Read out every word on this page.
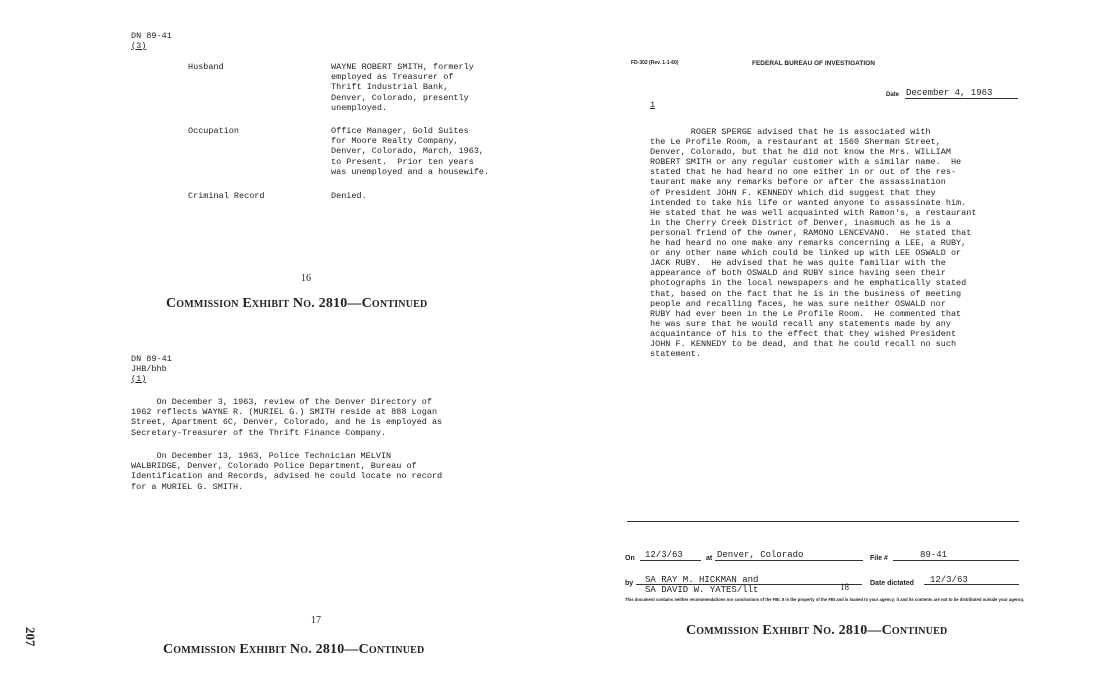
207
DN 89-41
(3)
Husband	WAYNE ROBERT SMITH, formerly
employed as Treasurer of
Thrift Industrial Bank,
Denver, Colorado, presently
unemployed.
Occupation	Office Manager, Gold Suites
for Moore Realty Company,
Denver, Colorado, March, 1963,
to Present.  Prior ten years
was unemployed and a housewife.
Criminal Record	Denied.
16
Commission Exhibit No. 2810—Continued
DN 89-41
JHB/bhb
(1)
On December 3, 1963, review of the Denver Directory of
1962 reflects WAYNE R. (MURIEL G.) SMITH reside at 888 Logan
Street, Apartment 6C, Denver, Colorado, and he is employed as
Secretary-Treasurer of the Thrift Finance Company.
On December 13, 1963, Police Technician MELVIN
WALBRIDGE, Denver, Colorado Police Department, Bureau of
Identification and Records, advised he could locate no record
for a MURIEL G. SMITH.
17
Commission Exhibit No. 2810—Continued
FD-302 (Rev. 1-1-60)	FEDERAL BUREAU OF INVESTIGATION
Date December 4, 1963
1
ROGER SPERGE advised that he is associated with
the Le Profile Room, a restaurant at 1560 Sherman Street,
Denver, Colorado, but that he did not know the Mrs. WILLIAM
ROBERT SMITH or any regular customer with a similar name.  He
stated that he had heard no one either in or out of the res-
taurant make any remarks before or after the assassination
of President JOHN F. KENNEDY which did suggest that they
intended to take his life or wanted anyone to assassinate him.
He stated that he was well acquainted with Ramon's, a restaurant
in the Cherry Creek District of Denver, inasmuch as he is a
personal friend of the owner, RAMONO LENCEVANO.  He stated that
he had heard no one make any remarks concerning a LEE, a RUBY,
or any other name which could be linked up with LEE OSWALD or
JACK RUBY.  He advised that he was quite familiar with the
appearance of both OSWALD and RUBY since having seen their
photographs in the local newspapers and he emphatically stated
that, based on the fact that he is in the business of meeting
people and recalling faces, he was sure neither OSWALD nor
RUBY had ever been in the Le Profile Room.  He commented that
he was sure that he would recall any statements made by any
acquaintance of his to the effect that they wished President
JOHN F. KENNEDY to be dead, and that he could recall no such
statement.
On 12/3/63	at Denver, Colorado	File #	89-41
by SA RAY M. HICKMAN and
SA DAVID W. YATES/llt	18	Date dictated 12/3/63
This document contains neither recommendations nor conclusions of the FBI. It is the property of the FBI and is loaned to your agency; it and its contents are not to be distributed outside your agency.
Commission Exhibit No. 2810—Continued
